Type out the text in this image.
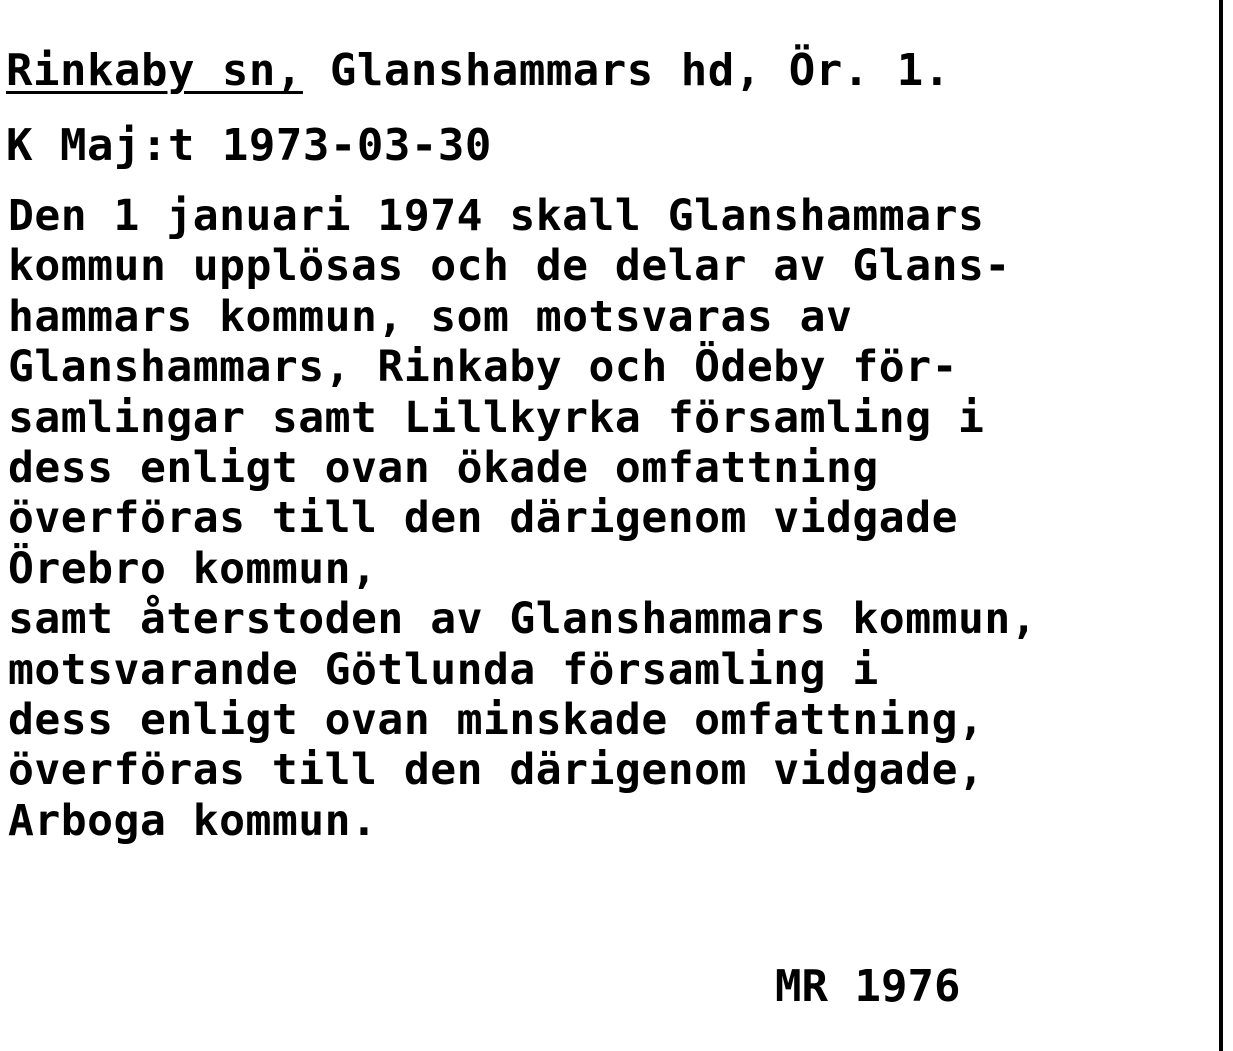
Rinkaby sn, Glanshammars hd, Ör. 1.
K Maj:t 1973-03-30
Den 1 januari 1974 skall Glanshammars
kommun upplösas och de delar av Glans-
hammars kommun, som motsvaras av
Glanshammars, Rinkaby och Ödeby för-
samlingar samt Lillkyrka församling i
dess enligt ovan ökade omfattning
överföras till den därigenom vidgade
Örebro kommun,
samt återstoden av Glanshammars kommun,
motsvarande Götlunda församling i
dess enligt ovan minskade omfattning,
överföras till den därigenom vidgade,
Arboga kommun.
MR 1976
